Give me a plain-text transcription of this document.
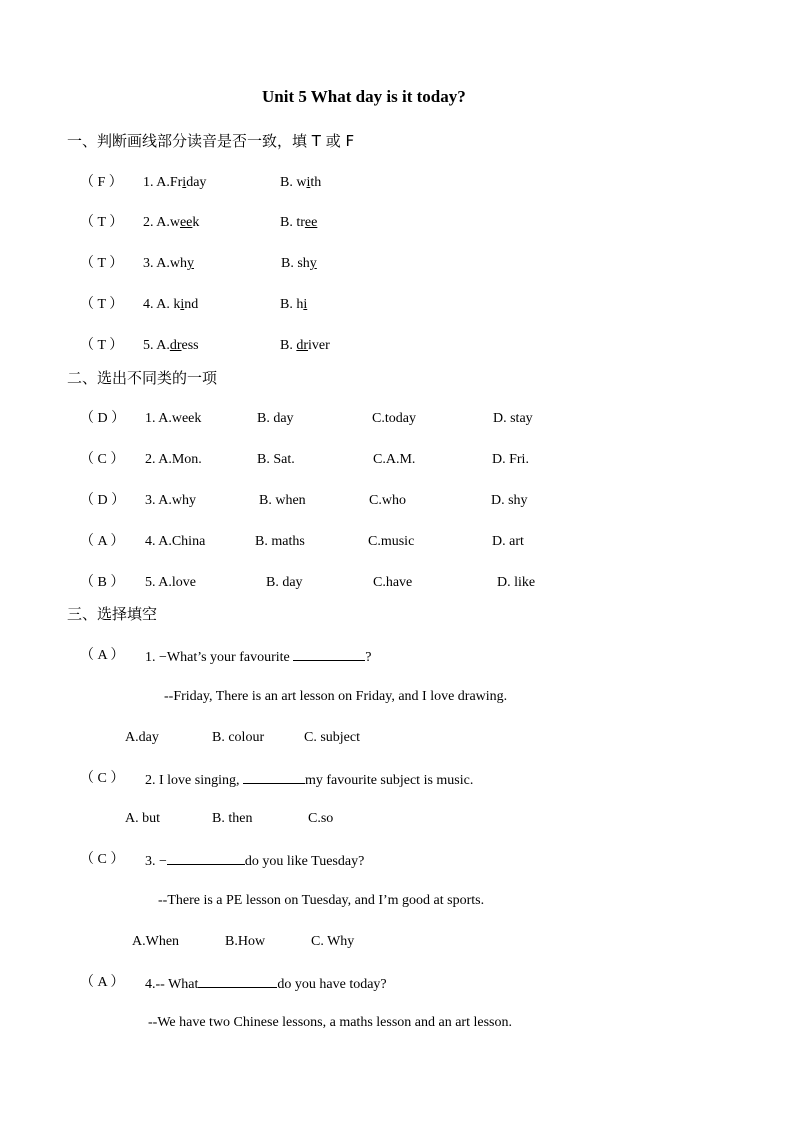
Unit 5 What day is it today?
一、判断画线部分读音是否一致，填 T 或 F
（ F ） 1. A.Friday	B. with
（ T ） 2. A.week	B. tree
（ T ） 3. A.why	B. shy
（ T ） 4. A. kind	B. hi
（ T ） 5. A.dress	B. driver
二、选出不同类的一项
（ D ） 1. A.week	B. day	C.today	D. stay
（ C ） 2. A.Mon.	B. Sat.	C.A.M.	D. Fri.
（ D ） 3. A.why	B. when	C.who	D. shy
（ A ） 4. A.China	B. maths	C.music	D. art
（ B ） 5. A.love	B. day	C.have	D. like
三、选择填空
（ A ） 1. −What’s your favourite	?
--Friday, There is an art lesson on Friday, and I love drawing.
A.day	B. colour	C. subject
（ C ） 2. I love singing,	my favourite subject is music.
A. but	B. then	C.so
（ C ） 3. −	do you like Tuesday?
--There is a PE lesson on Tuesday, and I’m good at sports.
A.When	B.How	C. Why
（ A ） 4.-- What	do you have today?
--We have two Chinese lessons, a maths lesson and an art lesson.
